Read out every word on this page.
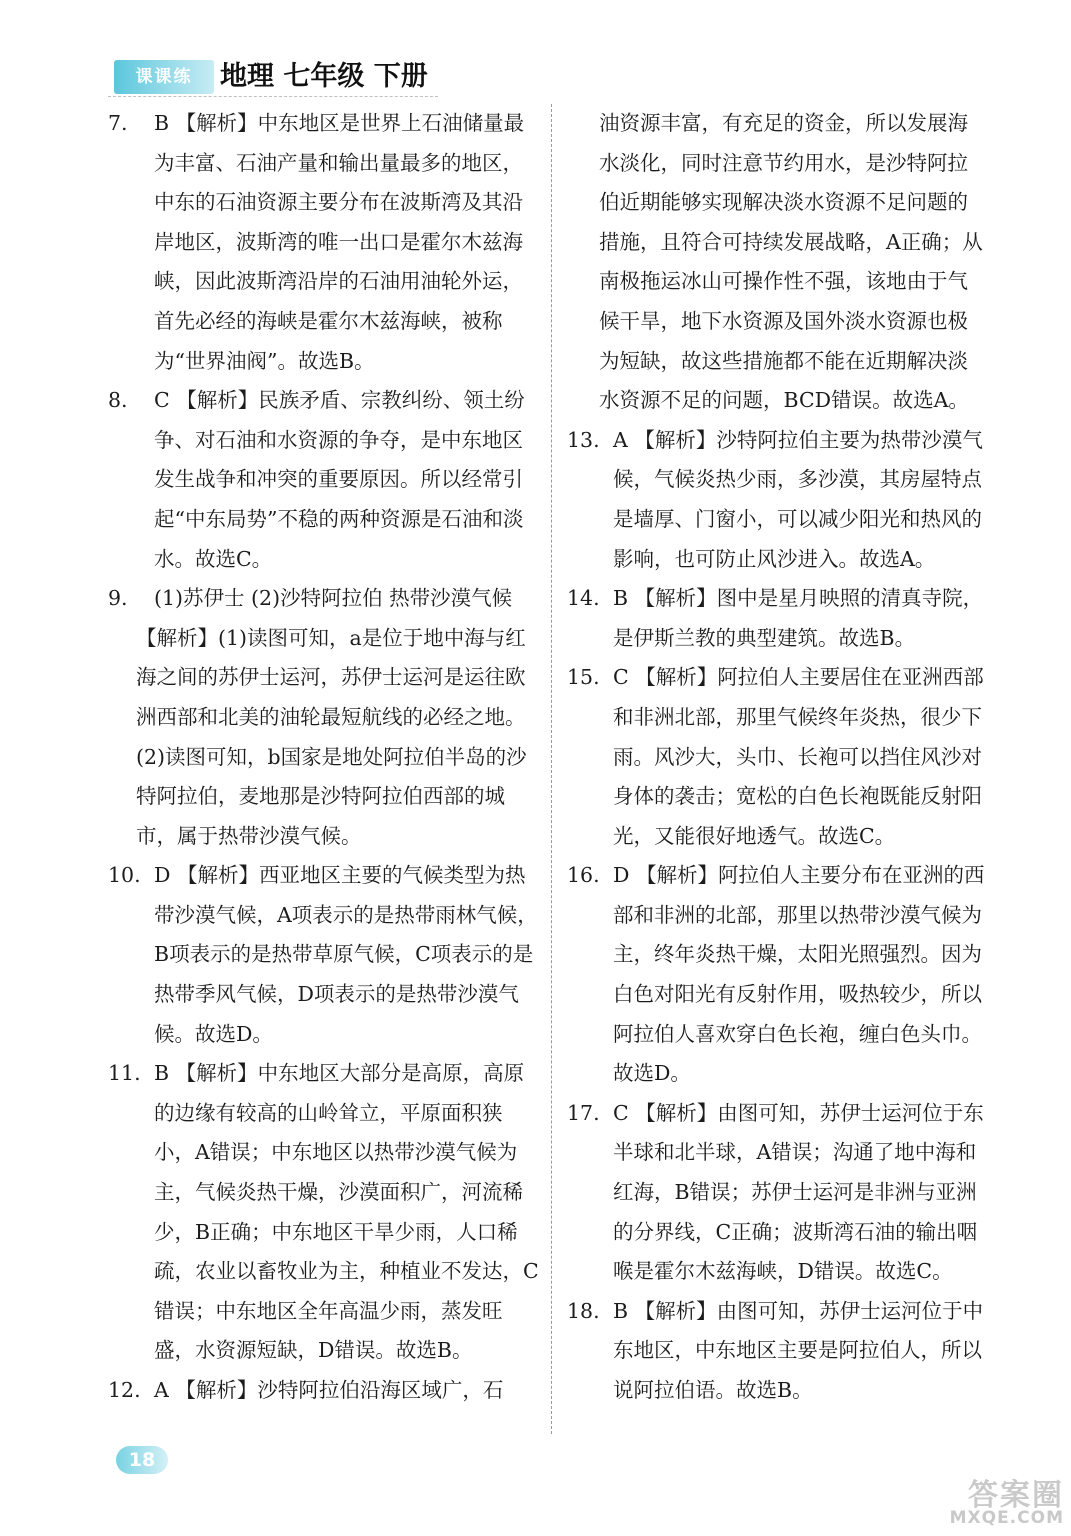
课课练	地理 七年级 下册
7. B 【解析】中东地区是世界上石油储量最为丰富、石油产量和输出量最多的地区，中东的石油资源主要分布在波斯湾及其沿岸地区，波斯湾的唯一出口是霍尔木兹海峡，因此波斯湾沿岸的石油用油轮外运，首先必经的海峡是霍尔木兹海峡，被称为“世界油阀”。故选B。
8. C 【解析】民族矛盾、宗教纠纷、领土纷争、对石油和水资源的争夺，是中东地区发生战争和冲突的重要原因。所以经常引起“中东局势”不稳的两种资源是石油和淡水。故选C。
9. (1)苏伊士 (2)沙特阿拉伯 热带沙漠气候
【解析】(1)读图可知，a是位于地中海与红海之间的苏伊士运河，苏伊士运河是运往欧洲西部和北美的油轮最短航线的必经之地。(2)读图可知，b国家是地处阿拉伯半岛的沙特阿拉伯，麦地那是沙特阿拉伯西部的城市，属于热带沙漠气候。
10. D 【解析】西亚地区主要的气候类型为热带沙漠气候，A项表示的是热带雨林气候，B项表示的是热带草原气候，C项表示的是热带季风气候，D项表示的是热带沙漠气候。故选D。
11. B 【解析】中东地区大部分是高原，高原的边缘有较高的山岭耸立，平原面积狭小，A错误；中东地区以热带沙漠气候为主，气候炎热干燥，沙漠面积广，河流稀少，B正确；中东地区干旱少雨，人口稀疏，农业以畜牧业为主，种植业不发达，C错误；中东地区全年高温少雨，蒸发旺盛，水资源短缺，D错误。故选B。
12. A 【解析】沙特阿拉伯沿海区域广，石
油资源丰富，有充足的资金，所以发展海水淡化，同时注意节约用水，是沙特阿拉伯近期能够实现解决淡水资源不足问题的措施，且符合可持续发展战略，A正确；从南极拖运冰山可操作性不强，该地由于气候干旱，地下水资源及国外淡水资源也极为短缺，故这些措施都不能在近期解决淡水资源不足的问题，BCD错误。故选A。
13. A 【解析】沙特阿拉伯主要为热带沙漠气候，气候炎热少雨，多沙漠，其房屋特点是墙厚、门窗小，可以减少阳光和热风的影响，也可防止风沙进入。故选A。
14. B 【解析】图中是星月映照的清真寺院，是伊斯兰教的典型建筑。故选B。
15. C 【解析】阿拉伯人主要居住在亚洲西部和非洲北部，那里气候终年炎热，很少下雨。风沙大，头巾、长袍可以挡住风沙对身体的袭击；宽松的白色长袍既能反射阳光，又能很好地透气。故选C。
16. D 【解析】阿拉伯人主要分布在亚洲的西部和非洲的北部，那里以热带沙漠气候为主，终年炎热干燥，太阳光照强烈。因为白色对阳光有反射作用，吸热较少，所以阿拉伯人喜欢穿白色长袍，缠白色头巾。故选D。
17. C 【解析】由图可知，苏伊士运河位于东半球和北半球，A错误；沟通了地中海和红海，B错误；苏伊士运河是非洲与亚洲的分界线，C正确；波斯湾石油的输出咽喉是霍尔木兹海峡，D错误。故选C。
18. B 【解析】由图可知，苏伊士运河位于中东地区，中东地区主要是阿拉伯人，所以说阿拉伯语。故选B。
18
答案圈
MXQE.COM
